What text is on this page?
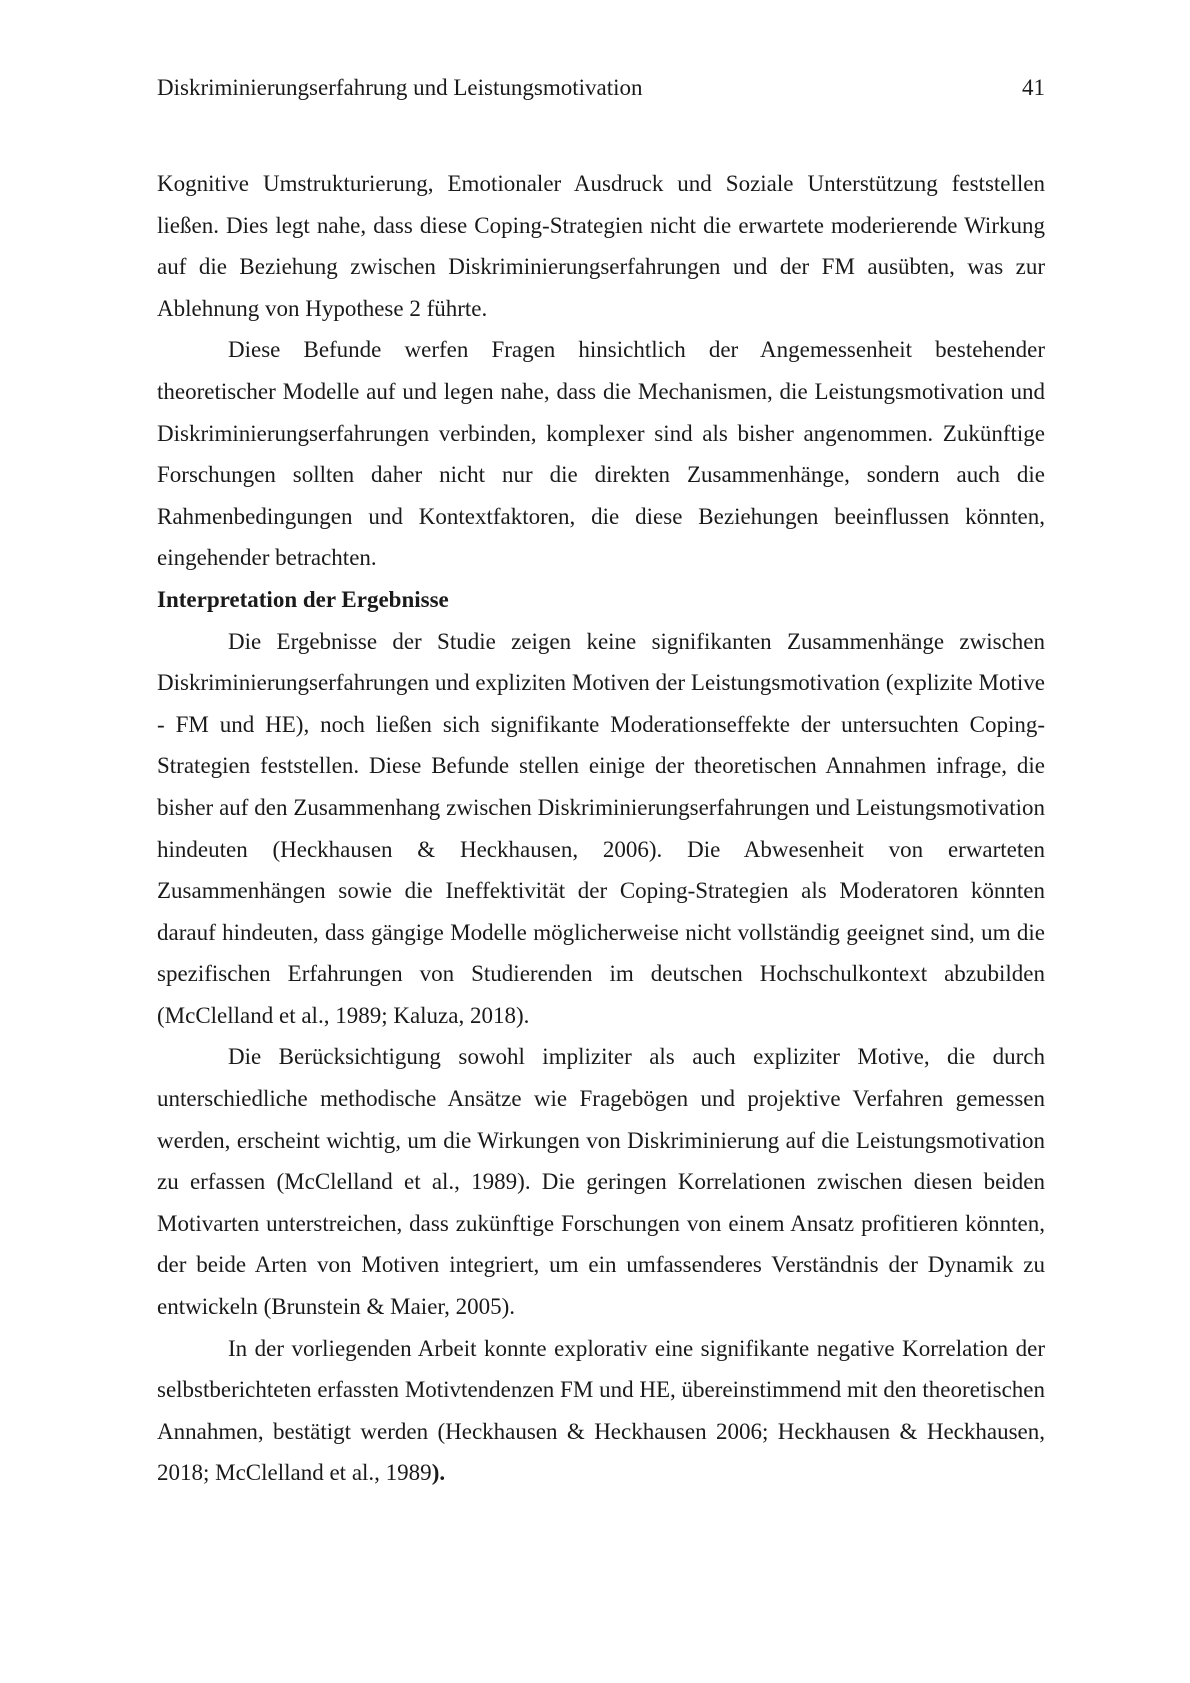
Diskriminierungserfahrung und Leistungsmotivation	41

Kognitive Umstrukturierung, Emotionaler Ausdruck und Soziale Unterstützung feststellen ließen. Dies legt nahe, dass diese Coping-Strategien nicht die erwartete moderierende Wirkung auf die Beziehung zwischen Diskriminierungserfahrungen und der FM ausübten, was zur Ablehnung von Hypothese 2 führte.

Diese Befunde werfen Fragen hinsichtlich der Angemessenheit bestehender theoretischer Modelle auf und legen nahe, dass die Mechanismen, die Leistungsmotivation und Diskriminierungserfahrungen verbinden, komplexer sind als bisher angenommen. Zukünftige Forschungen sollten daher nicht nur die direkten Zusammenhänge, sondern auch die Rahmenbedingungen und Kontextfaktoren, die diese Beziehungen beeinflussen könnten, eingehender betrachten.

Interpretation der Ergebnisse

Die Ergebnisse der Studie zeigen keine signifikanten Zusammenhänge zwischen Diskriminierungserfahrungen und expliziten Motiven der Leistungsmotivation (explizite Motive - FM und HE), noch ließen sich signifikante Moderationseffekte der untersuchten Coping-Strategien feststellen. Diese Befunde stellen einige der theoretischen Annahmen infrage, die bisher auf den Zusammenhang zwischen Diskriminierungserfahrungen und Leistungsmotivation hindeuten (Heckhausen & Heckhausen, 2006). Die Abwesenheit von erwarteten Zusammenhängen sowie die Ineffektivität der Coping-Strategien als Moderatoren könnten darauf hindeuten, dass gängige Modelle möglicherweise nicht vollständig geeignet sind, um die spezifischen Erfahrungen von Studierenden im deutschen Hochschulkontext abzubilden (McClelland et al., 1989; Kaluza, 2018).

Die Berücksichtigung sowohl impliziter als auch expliziter Motive, die durch unterschiedliche methodische Ansätze wie Fragebögen und projektive Verfahren gemessen werden, erscheint wichtig, um die Wirkungen von Diskriminierung auf die Leistungsmotivation zu erfassen (McClelland et al., 1989). Die geringen Korrelationen zwischen diesen beiden Motivarten unterstreichen, dass zukünftige Forschungen von einem Ansatz profitieren könnten, der beide Arten von Motiven integriert, um ein umfassenderes Verständnis der Dynamik zu entwickeln (Brunstein & Maier, 2005).

In der vorliegenden Arbeit konnte explorativ eine signifikante negative Korrelation der selbstberichteten erfassten Motivtendenzen FM und HE, übereinstimmend mit den theoretischen Annahmen, bestätigt werden (Heckhausen & Heckhausen 2006; Heckhausen & Heckhausen, 2018; McClelland et al., 1989).
